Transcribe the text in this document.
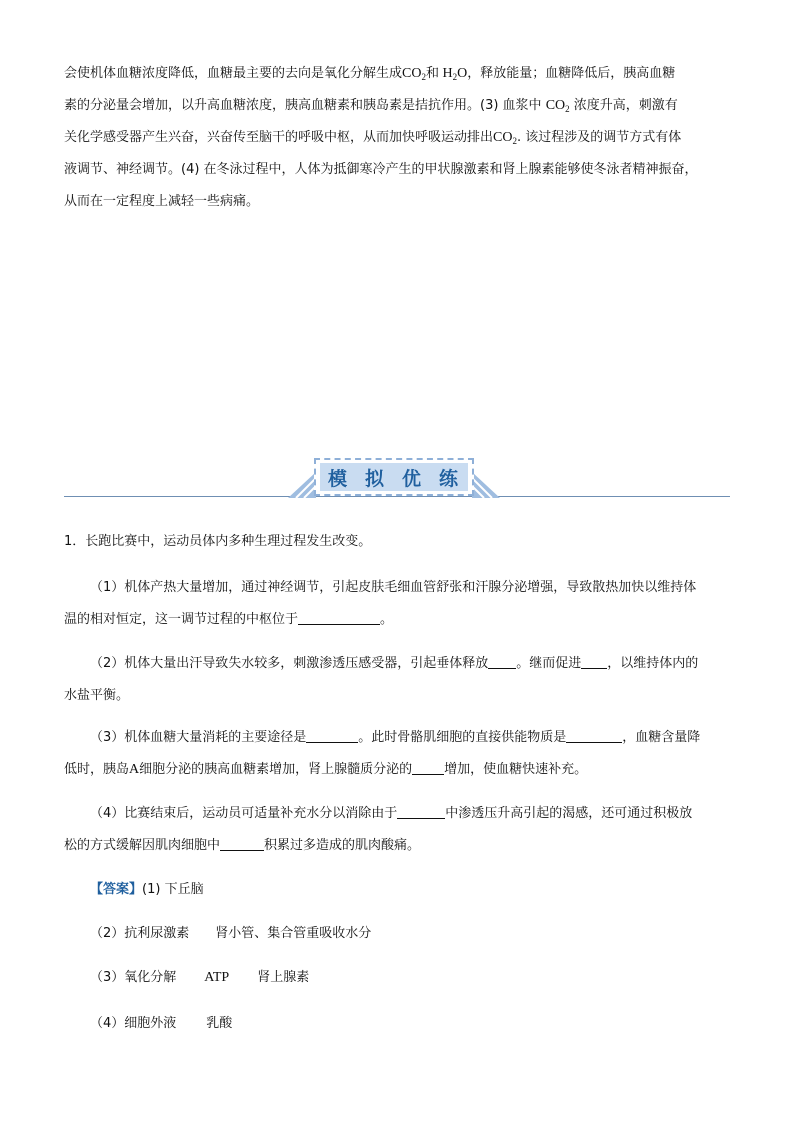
会使机体血糖浓度降低，血糖最主要的去向是氧化分解生成$CO_2$和 $H_2O$，释放能量；血糖降低后，胰高血糖
素的分泌量会增加，以升高血糖浓度，胰高血糖素和胰岛素是拮抗作用。(3) 血浆中 $CO_2$ 浓度升高，刺激有
关化学感受器产生兴奋，兴奋传至脑干的呼吸中枢，从而加快呼吸运动排出$CO_2$. 该过程涉及的调节方式有体
液调节、神经调节。(4) 在冬泳过程中，人体为抵御寒冷产生的甲状腺激素和肾上腺素能够使冬泳者精神振奋，
从而在一定程度上减轻一些病痛。
模 拟 优 练
1．长跑比赛中，运动员体内多种生理过程发生改变。
（1）机体产热大量增加，通过神经调节，引起皮肤毛细血管舒张和汗腺分泌增强，导致散热加快以维持体
温的相对恒定，这一调节过程的中枢位于	。
（2）机体大量出汗导致失水较多，刺激渗透压感受器，引起垂体释放 。继而促进 ，以维持体内的
水盐平衡。
（3）机体血糖大量消耗的主要途径是	。此时骨骼肌细胞的直接供能物质是	，血糖含量降
低时，胰岛A细胞分泌的胰高血糖素增加，肾上腺髓质分泌的 增加，使血糖快速补充。
（4）比赛结束后，运动员可适量补充水分以消除由于	中渗透压升高引起的渴感，还可通过积极放
松的方式缓解因肌肉细胞中	积累过多造成的肌肉酸痛。
【答案】(1) 下丘脑
（2）抗利尿激素 肾小管、集合管重吸收水分
（3）氧化分解 ATP 肾上腺素
（4）细胞外液 乳酸
